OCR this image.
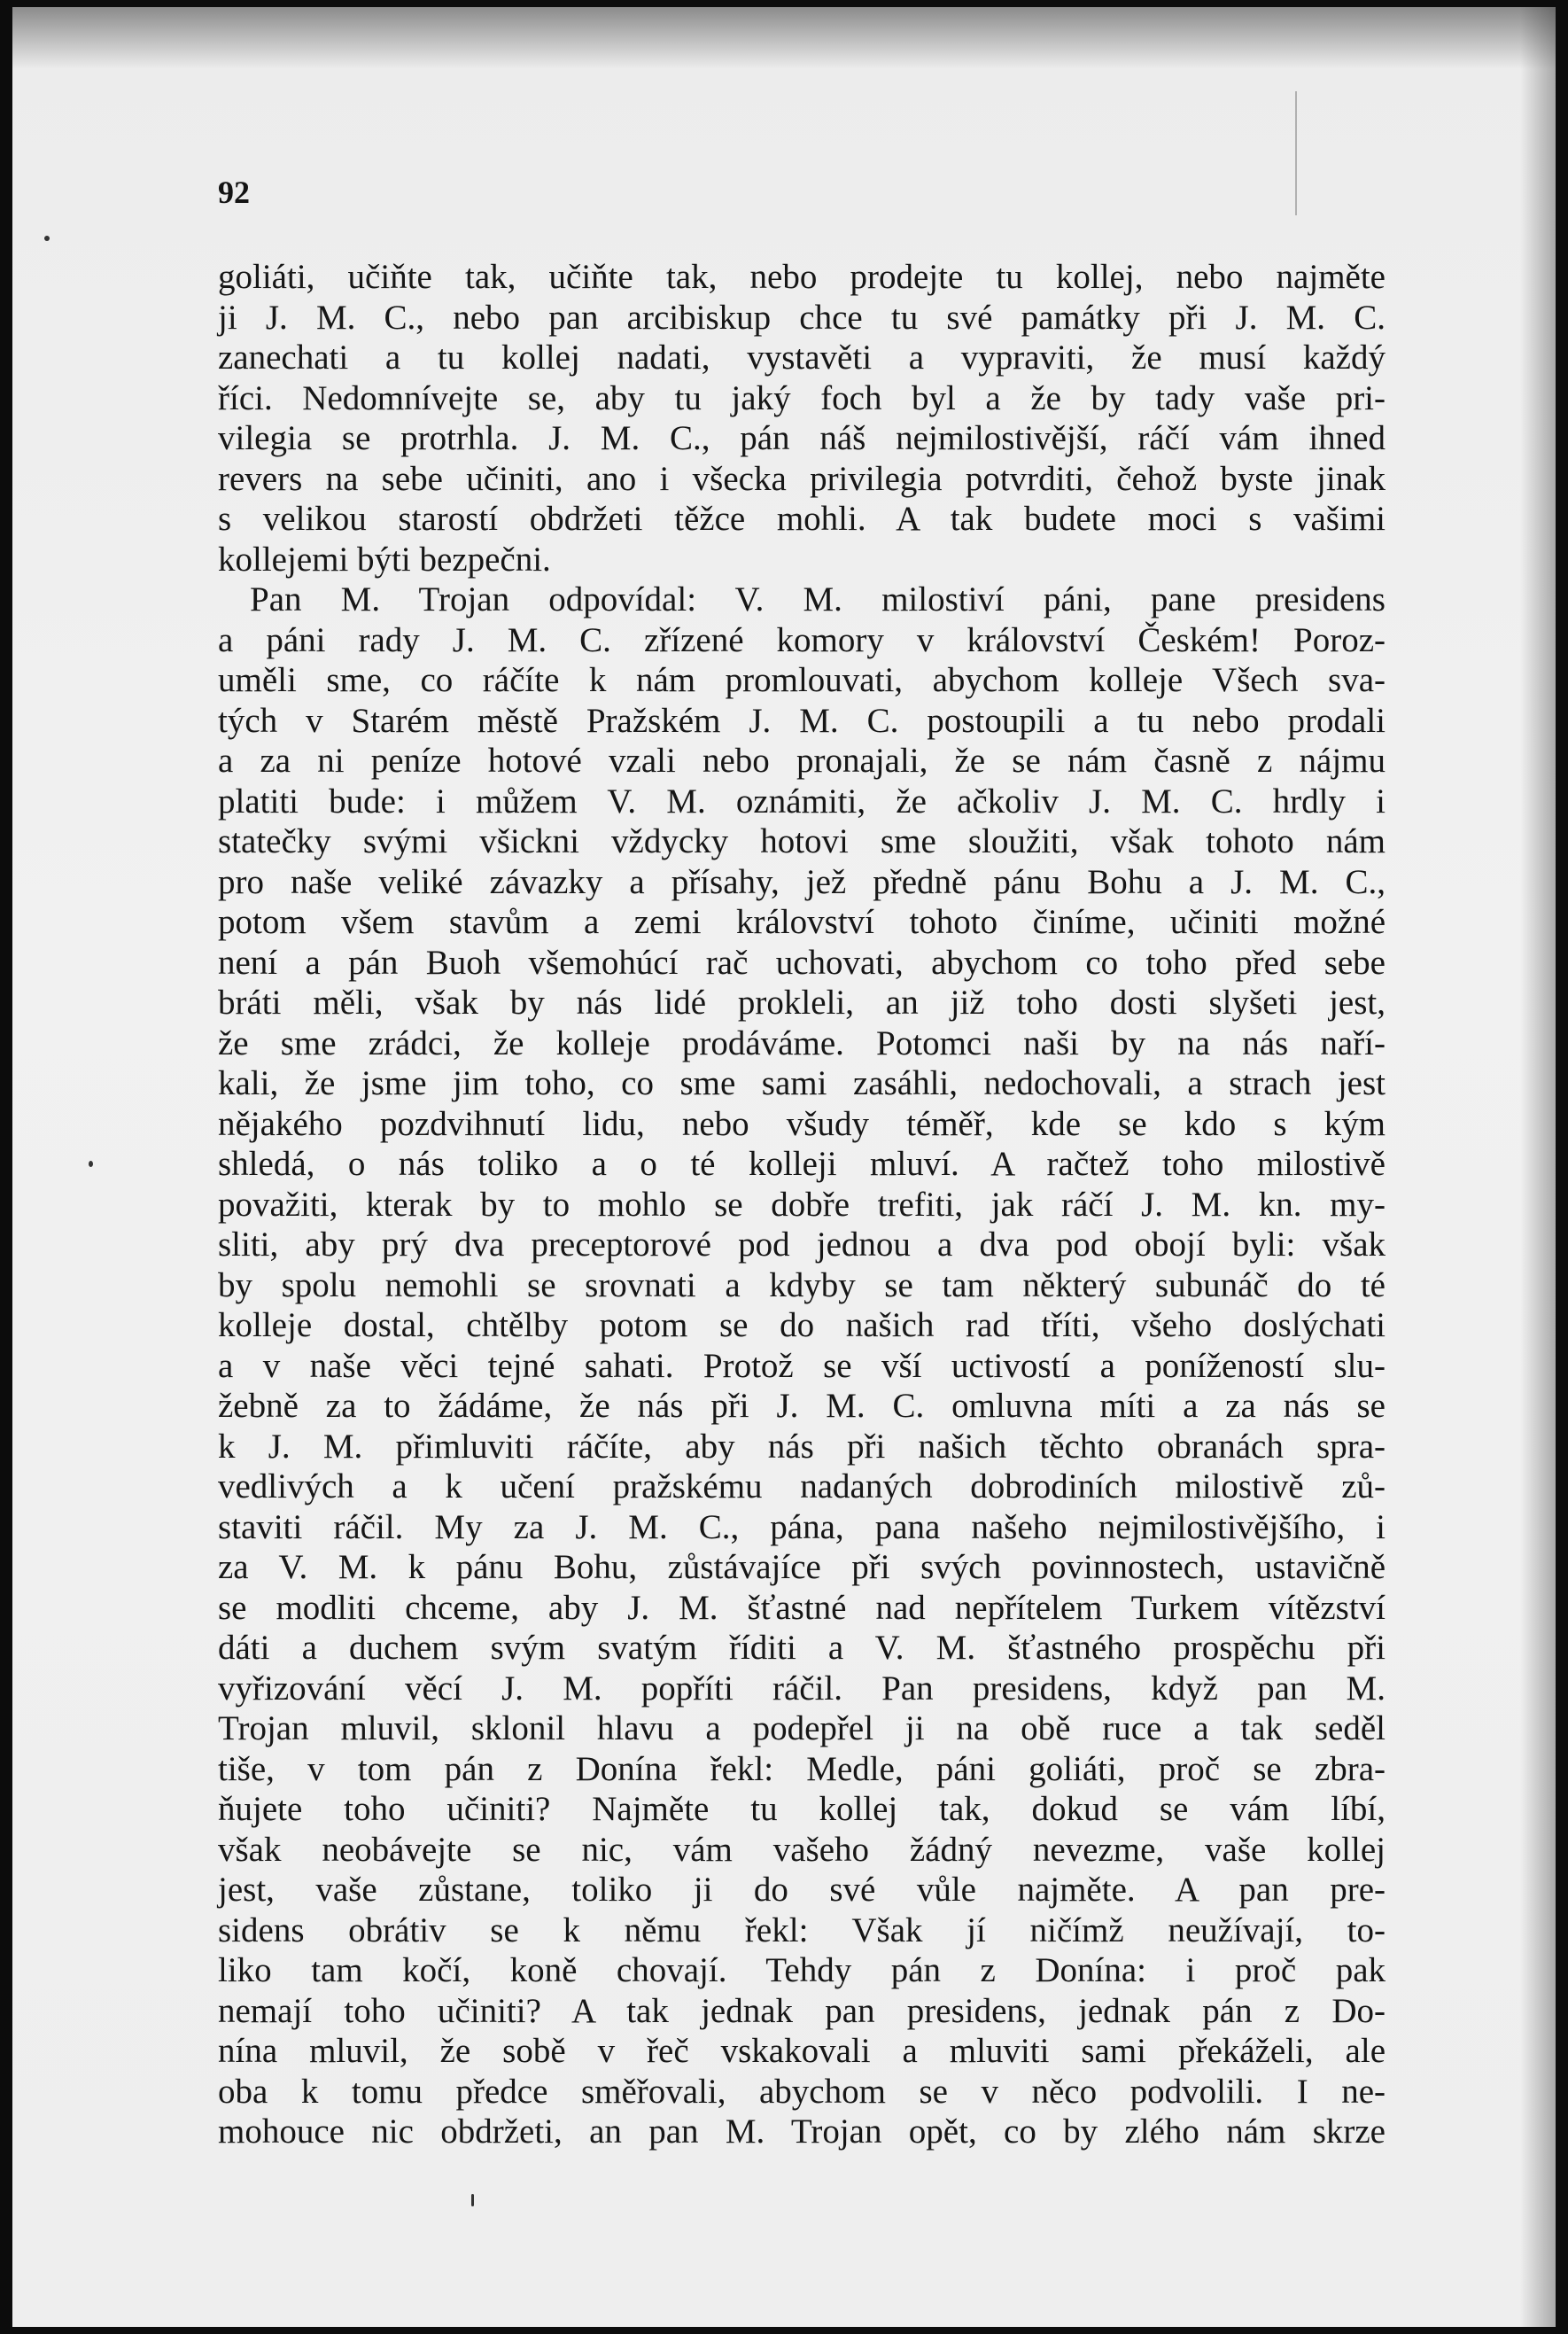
92

goliáti, učiňte tak, učiňte tak, nebo prodejte tu kollej, nebo najměte

ji J. M. C., nebo pan arcibiskup chce tu své památky při J. M. C.

zanechati a tu kollej nadati, vystavěti a vypraviti, že musí každý

říci. Nedomnívejte se, aby tu jaký foch byl a že by tady vaše pri-

vilegia se protrhla. J. M. C., pán náš nejmilostivější, ráčí vám ihned

revers na sebe učiniti, ano i všecka privilegia potvrditi, čehož byste jinak

s velikou starostí obdržeti těžce mohli. A tak budete moci s vašimi

kollejemi býti bezpečni.

Pan M. Trojan odpovídal: V. M. milostiví páni, pane presidens

a páni rady J. M. C. zřízené komory v království Českém! Poroz-

uměli sme, co ráčíte k nám promlouvati, abychom kolleje Všech sva-

tých v Starém městě Pražském J. M. C. postoupili a tu nebo prodali

a za ni peníze hotové vzali nebo pronajali, že se nám časně z nájmu

platiti bude: i můžem V. M. oznámiti, že ačkoliv J. M. C. hrdly i

statečky svými všickni vždycky hotovi sme sloužiti, však tohoto nám

pro naše veliké závazky a přísahy, jež předně pánu Bohu a J. M. C.,

potom všem stavům a zemi království tohoto činíme, učiniti možné

není a pán Buoh všemohúcí rač uchovati, abychom co toho před sebe

bráti měli, však by nás lidé prokleli, an již toho dosti slyšeti jest,

že sme zrádci, že kolleje prodáváme. Potomci naši by na nás naří-

kali, že jsme jim toho, co sme sami zasáhli, nedochovali, a strach jest

nějakého pozdvihnutí lidu, nebo všudy téměř, kde se kdo s kým

shledá, o nás toliko a o té kolleji mluví. A račtež toho milostivě

považiti, kterak by to mohlo se dobře trefiti, jak ráčí J. M. kn. my-

sliti, aby prý dva preceptorové pod jednou a dva pod obojí byli: však

by spolu nemohli se srovnati a kdyby se tam některý subunáč do té

kolleje dostal, chtělby potom se do našich rad tříti, všeho doslýchati

a v naše věci tejné sahati. Protož se vší uctivostí a ponížeností slu-

žebně za to žádáme, že nás při J. M. C. omluvna míti a za nás se

k J. M. přimluviti ráčíte, aby nás při našich těchto obranách spra-

vedlivých a k učení pražskému nadaných dobrodiních milostivě zů-

staviti ráčil. My za J. M. C., pána, pana našeho nejmilostivějšího, i

za V. M. k pánu Bohu, zůstávajíce při svých povinnostech, ustavičně

se modliti chceme, aby J. M. šťastné nad nepřítelem Turkem vítězství

dáti a duchem svým svatým říditi a V. M. šťastného prospěchu při

vyřizování věcí J. M. popříti ráčil. Pan presidens, když pan M.

Trojan mluvil, sklonil hlavu a podepřel ji na obě ruce a tak seděl

tiše, v tom pán z Donína řekl: Medle, páni goliáti, proč se zbra-

ňujete toho učiniti? Najměte tu kollej tak, dokud se vám líbí,

však neobávejte se nic, vám vašeho žádný nevezme, vaše kollej

jest, vaše zůstane, toliko ji do své vůle najměte. A pan pre-

sidens obrátiv se k němu řekl: Však jí ničímž neužívají, to-

liko tam kočí, koně chovají. Tehdy pán z Donína: i proč pak

nemají toho učiniti? A tak jednak pan presidens, jednak pán z Do-

nína mluvil, že sobě v řeč vskakovali a mluviti sami překáželi, ale

oba k tomu předce směřovali, abychom se v něco podvolili. I ne-

mohouce nic obdržeti, an pan M. Trojan opět, co by zlého nám skrze
